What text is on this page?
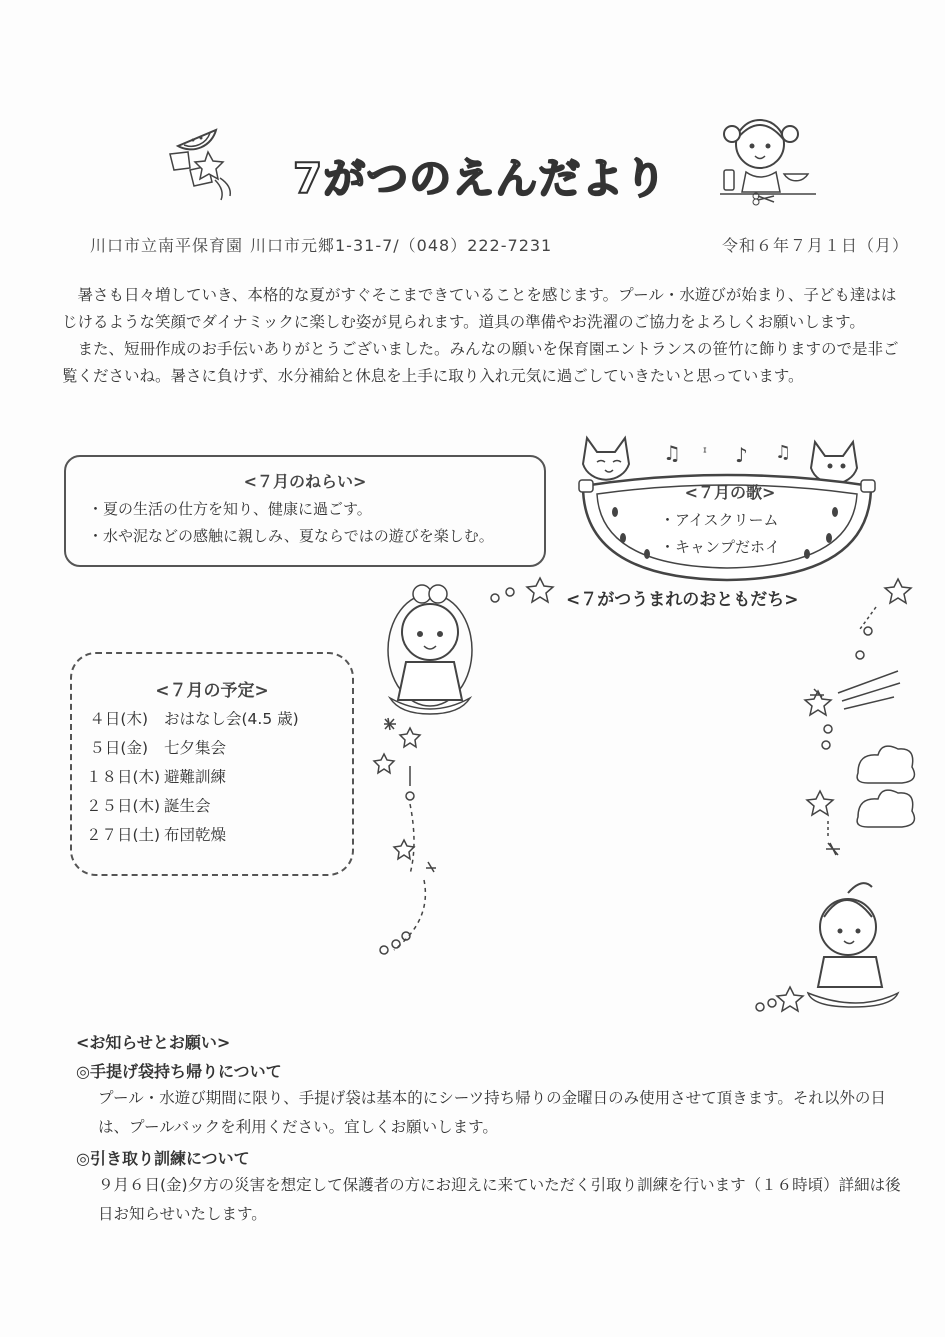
7がつのえんだより
川口市立南平保育園 川口市元郷1-31-7/（048）222-7231	令和６年７月１日（月）

暑さも日々増していき、本格的な夏がすぐそこまできていることを感じます。プール・水遊びが始まり、子ども達ははじけるような笑顔でダイナミックに楽しむ姿が見られます。道具の準備やお洗濯のご協力をよろしくお願いします。

また、短冊作成のお手伝いありがとうございました。みんなの願いを保育園エントランスの笹竹に飾りますので是非ご覧くださいね。暑さに負けず、水分補給と休息を上手に取り入れ元気に過ごしていきたいと思っています。

<７月のねらい>
・夏の生活の仕方を知り、健康に過ごす。
・水や泥などの感触に親しみ、夏ならではの遊びを楽しむ。
♫ ᶦ ♪ ♫
<７月の歌>
・アイスクリーム
・キャンプだホイ
<７がつうまれのおともだち>
<７月の予定>
４日(木) おはなし会(4.5 歳)
５日(金) 七夕集会
１８日(木) 避難訓練
２５日(木) 誕生会
２７日(土) 布団乾燥
<お知らせとお願い>
◎手提げ袋持ち帰りについて
プール・水遊び期間に限り、手提げ袋は基本的にシーツ持ち帰りの金曜日のみ使用させて頂きます。それ以外の日は、プールバックを利用ください。宜しくお願いします。
◎引き取り訓練について
９月６日(金)夕方の災害を想定して保護者の方にお迎えに来ていただく引取り訓練を行います（１６時頃）詳細は後日お知らせいたします。
